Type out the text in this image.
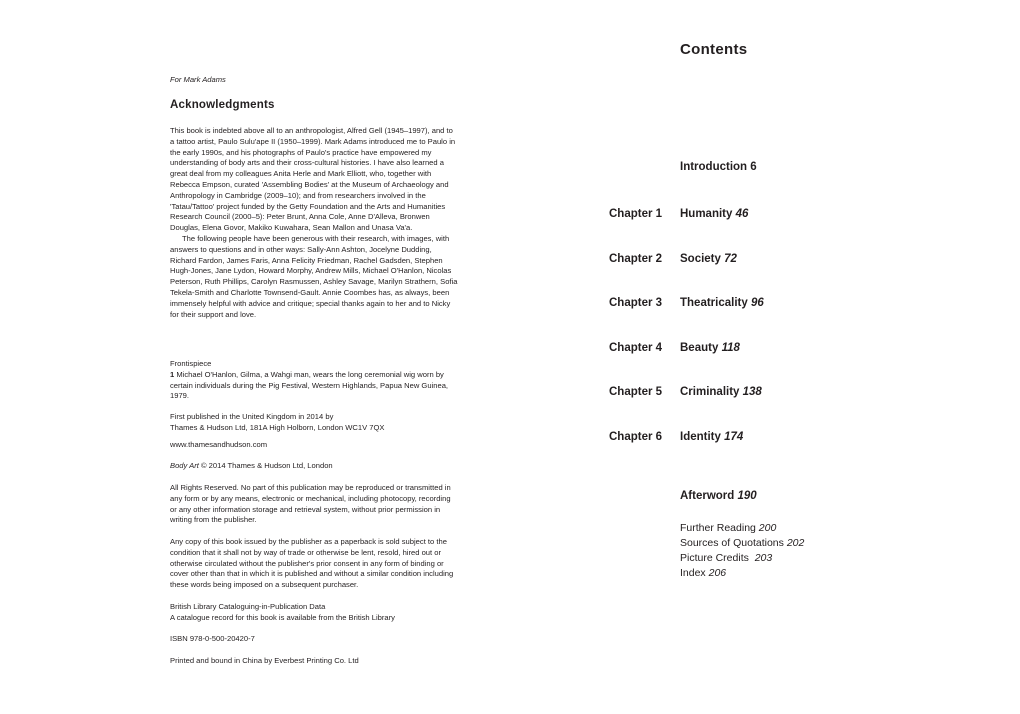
For Mark Adams

Acknowledgments

This book is indebted above all to an anthropologist, Alfred Gell (1945–1997), and to a tattoo artist, Paulo Sulu'ape II (1950–1999). Mark Adams introduced me to Paulo in the early 1990s, and his photographs of Paulo's practice have empowered my understanding of body arts and their cross-cultural histories. I have also learned a great deal from my colleagues Anita Herle and Mark Elliott, who, together with Rebecca Empson, curated 'Assembling Bodies' at the Museum of Archaeology and Anthropology in Cambridge (2009–10); and from researchers involved in the 'Tatau/Tattoo' project funded by the Getty Foundation and the Arts and Humanities Research Council (2000–5): Peter Brunt, Anna Cole, Anne D'Alleva, Bronwen Douglas, Elena Govor, Makiko Kuwahara, Sean Mallon and Unasa Va'a.

The following people have been generous with their research, with images, with answers to questions and in other ways: Sally-Ann Ashton, Jocelyne Dudding, Richard Fardon, James Faris, Anna Felicity Friedman, Rachel Gadsden, Stephen Hugh-Jones, Jane Lydon, Howard Morphy, Andrew Mills, Michael O'Hanlon, Nicolas Peterson, Ruth Phillips, Carolyn Rasmussen, Ashley Savage, Marilyn Strathern, Sofia Tekela-Smith and Charlotte Townsend-Gault. Annie Coombes has, as always, been immensely helpful with advice and critique; special thanks again to her and to Nicky for their support and love.

Frontispiece
1 Michael O'Hanlon, Gilma, a Wahgi man, wears the long ceremonial wig worn by certain individuals during the Pig Festival, Western Highlands, Papua New Guinea, 1979.
First published in the United Kingdom in 2014 by
Thames & Hudson Ltd, 181A High Holborn, London WC1V 7QX
www.thamesandhudson.com
Body Art © 2014 Thames & Hudson Ltd, London
All Rights Reserved. No part of this publication may be reproduced or transmitted in any form or by any means, electronic or mechanical, including photocopy, recording or any other information storage and retrieval system, without prior permission in writing from the publisher.
Any copy of this book issued by the publisher as a paperback is sold subject to the condition that it shall not by way of trade or otherwise be lent, resold, hired out or otherwise circulated without the publisher's prior consent in any form of binding or cover other than that in which it is published and without a similar condition including these words being imposed on a subsequent purchaser.
British Library Cataloguing-in-Publication Data
A catalogue record for this book is available from the British Library
ISBN 978-0-500-20420-7
Printed and bound in China by Everbest Printing Co. Ltd
Contents
Introduction 6
Chapter 1 Humanity 46
Chapter 2 Society 72
Chapter 3 Theatricality 96
Chapter 4 Beauty 118
Chapter 5 Criminality 138
Chapter 6 Identity 174
Afterword 190
Further Reading 200
Sources of Quotations 202
Picture Credits 203
Index 206
